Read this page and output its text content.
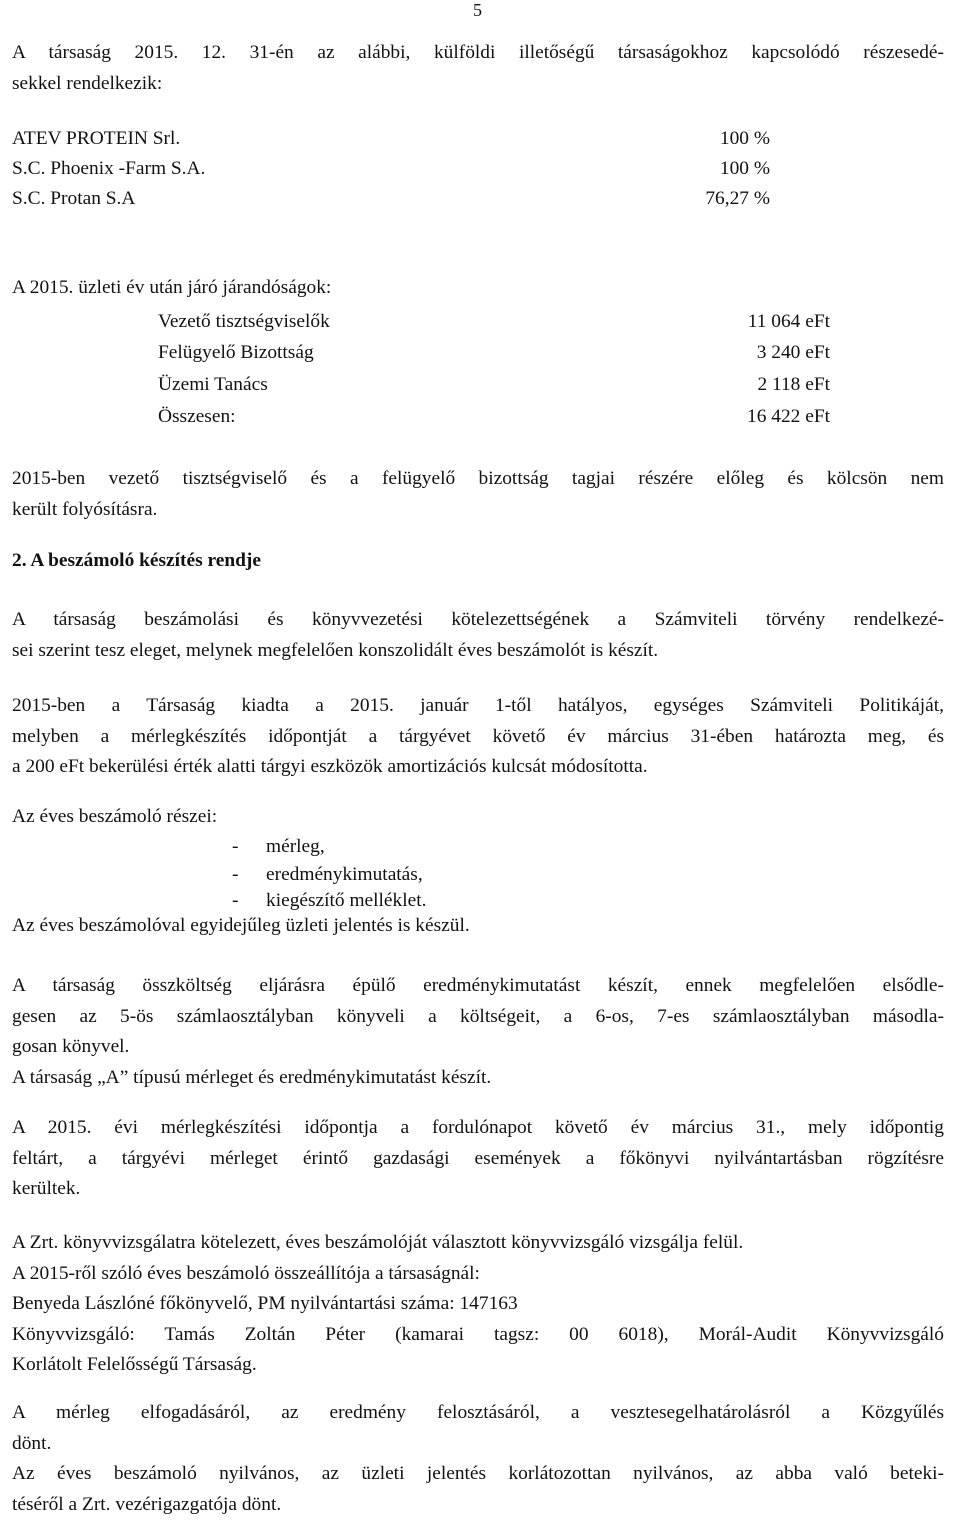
5
A társaság 2015. 12. 31-én az alábbi, külföldi illetőségű társaságokhoz kapcsolódó részesedé-
sekkel rendelkezik:
ATEV PROTEIN Srl.	100 %
S.C. Phoenix -Farm S.A.	100 %
S.C. Protan S.A	76,27 %
A 2015. üzleti év után járó járandóságok:
Vezető tisztségviselők	11 064 eFt
Felügyelő Bizottság	3 240 eFt
Üzemi Tanács	2 118 eFt
Összesen:	16 422 eFt
2015-ben vezető tisztségviselő és a felügyelő bizottság tagjai részére előleg és kölcsön nem
került folyósításra.
2. A beszámoló készítés rendje
A társaság beszámolási és könyvvezetési kötelezettségének a Számviteli törvény rendelkezé-
sei szerint tesz eleget, melynek megfelelően konszolidált éves beszámolót is készít.
2015-ben a Társaság kiadta a 2015. január 1-től hatályos, egységes Számviteli Politikáját,
melyben a mérlegkészítés időpontját a tárgyévet követő év március 31-ében határozta meg, és
a 200 eFt bekerülési érték alatti tárgyi eszközök amortizációs kulcsát módosította.
Az éves beszámoló részei:
- mérleg,
- eredménykimutatás,
- kiegészítő melléklet.
Az éves beszámolóval egyidejűleg üzleti jelentés is készül.
A társaság összköltség eljárásra épülő eredménykimutatást készít, ennek megfelelően elsődle-
gesen az 5-ös számlaosztályban könyveli a költségeit, a 6-os, 7-es számlaosztályban másodla-
gosan könyvel.
A társaság „A” típusú mérleget és eredménykimutatást készít.
A 2015. évi mérlegkészítési időpontja a fordulónapot követő év március 31., mely időpontig
feltárt, a tárgyévi mérleget érintő gazdasági események a főkönyvi nyilvántartásban rögzítésre
kerültek.
A Zrt. könyvvizsgálatra kötelezett, éves beszámolóját választott könyvvizsgáló vizsgálja felül.
A 2015-ről szóló éves beszámoló összeállítója a társaságnál:
Benyeda Lászlóné főkönyvelő, PM nyilvántartási száma: 147163
Könyvvizsgáló: Tamás Zoltán Péter (kamarai tagsz: 00 6018), Morál-Audit Könyvvizsgáló
Korlátolt Felelősségű Társaság.
A mérleg elfogadásáról, az eredmény felosztásáról, a vesztesegelhatárolásról a Közgyűlés
dönt.
Az éves beszámoló nyilvános, az üzleti jelentés korlátozottan nyilvános, az abba való beteki-
téséről a Zrt. vezérigazgatója dönt.
